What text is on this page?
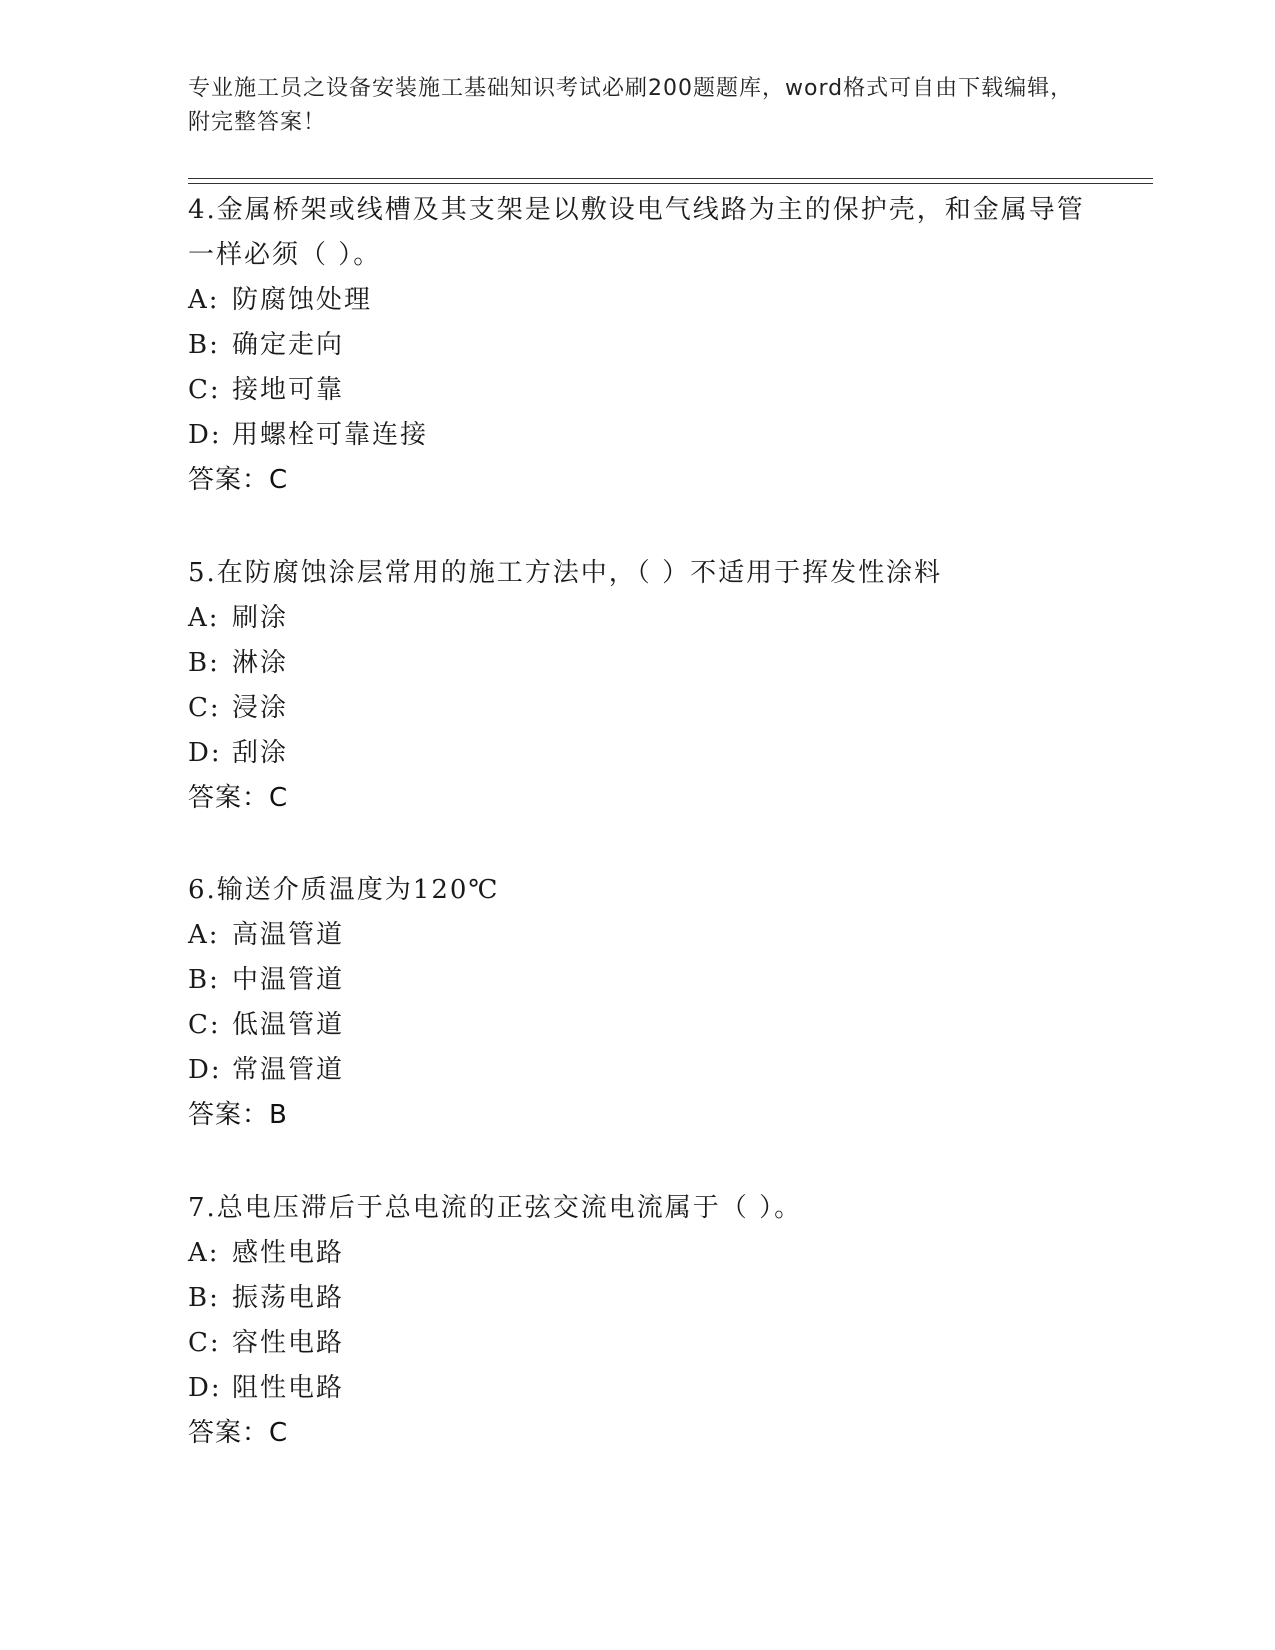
专业施工员之设备安装施工基础知识考试必刷200题题库，word格式可自由下载编辑，附完整答案！

4.金属桥架或线槽及其支架是以敷设电气线路为主的保护壳，和金属导管一样必须（ ）。

A: 防腐蚀处理

B: 确定走向

C: 接地可靠

D: 用螺栓可靠连接

答案：C

5.在防腐蚀涂层常用的施工方法中，（ ）不适用于挥发性涂料

A: 刷涂

B: 淋涂

C: 浸涂

D: 刮涂

答案：C

6.输送介质温度为120℃

A: 高温管道

B: 中温管道

C: 低温管道

D: 常温管道

答案：B

7.总电压滞后于总电流的正弦交流电流属于（ ）。

A: 感性电路

B: 振荡电路

C: 容性电路

D: 阻性电路

答案：C
